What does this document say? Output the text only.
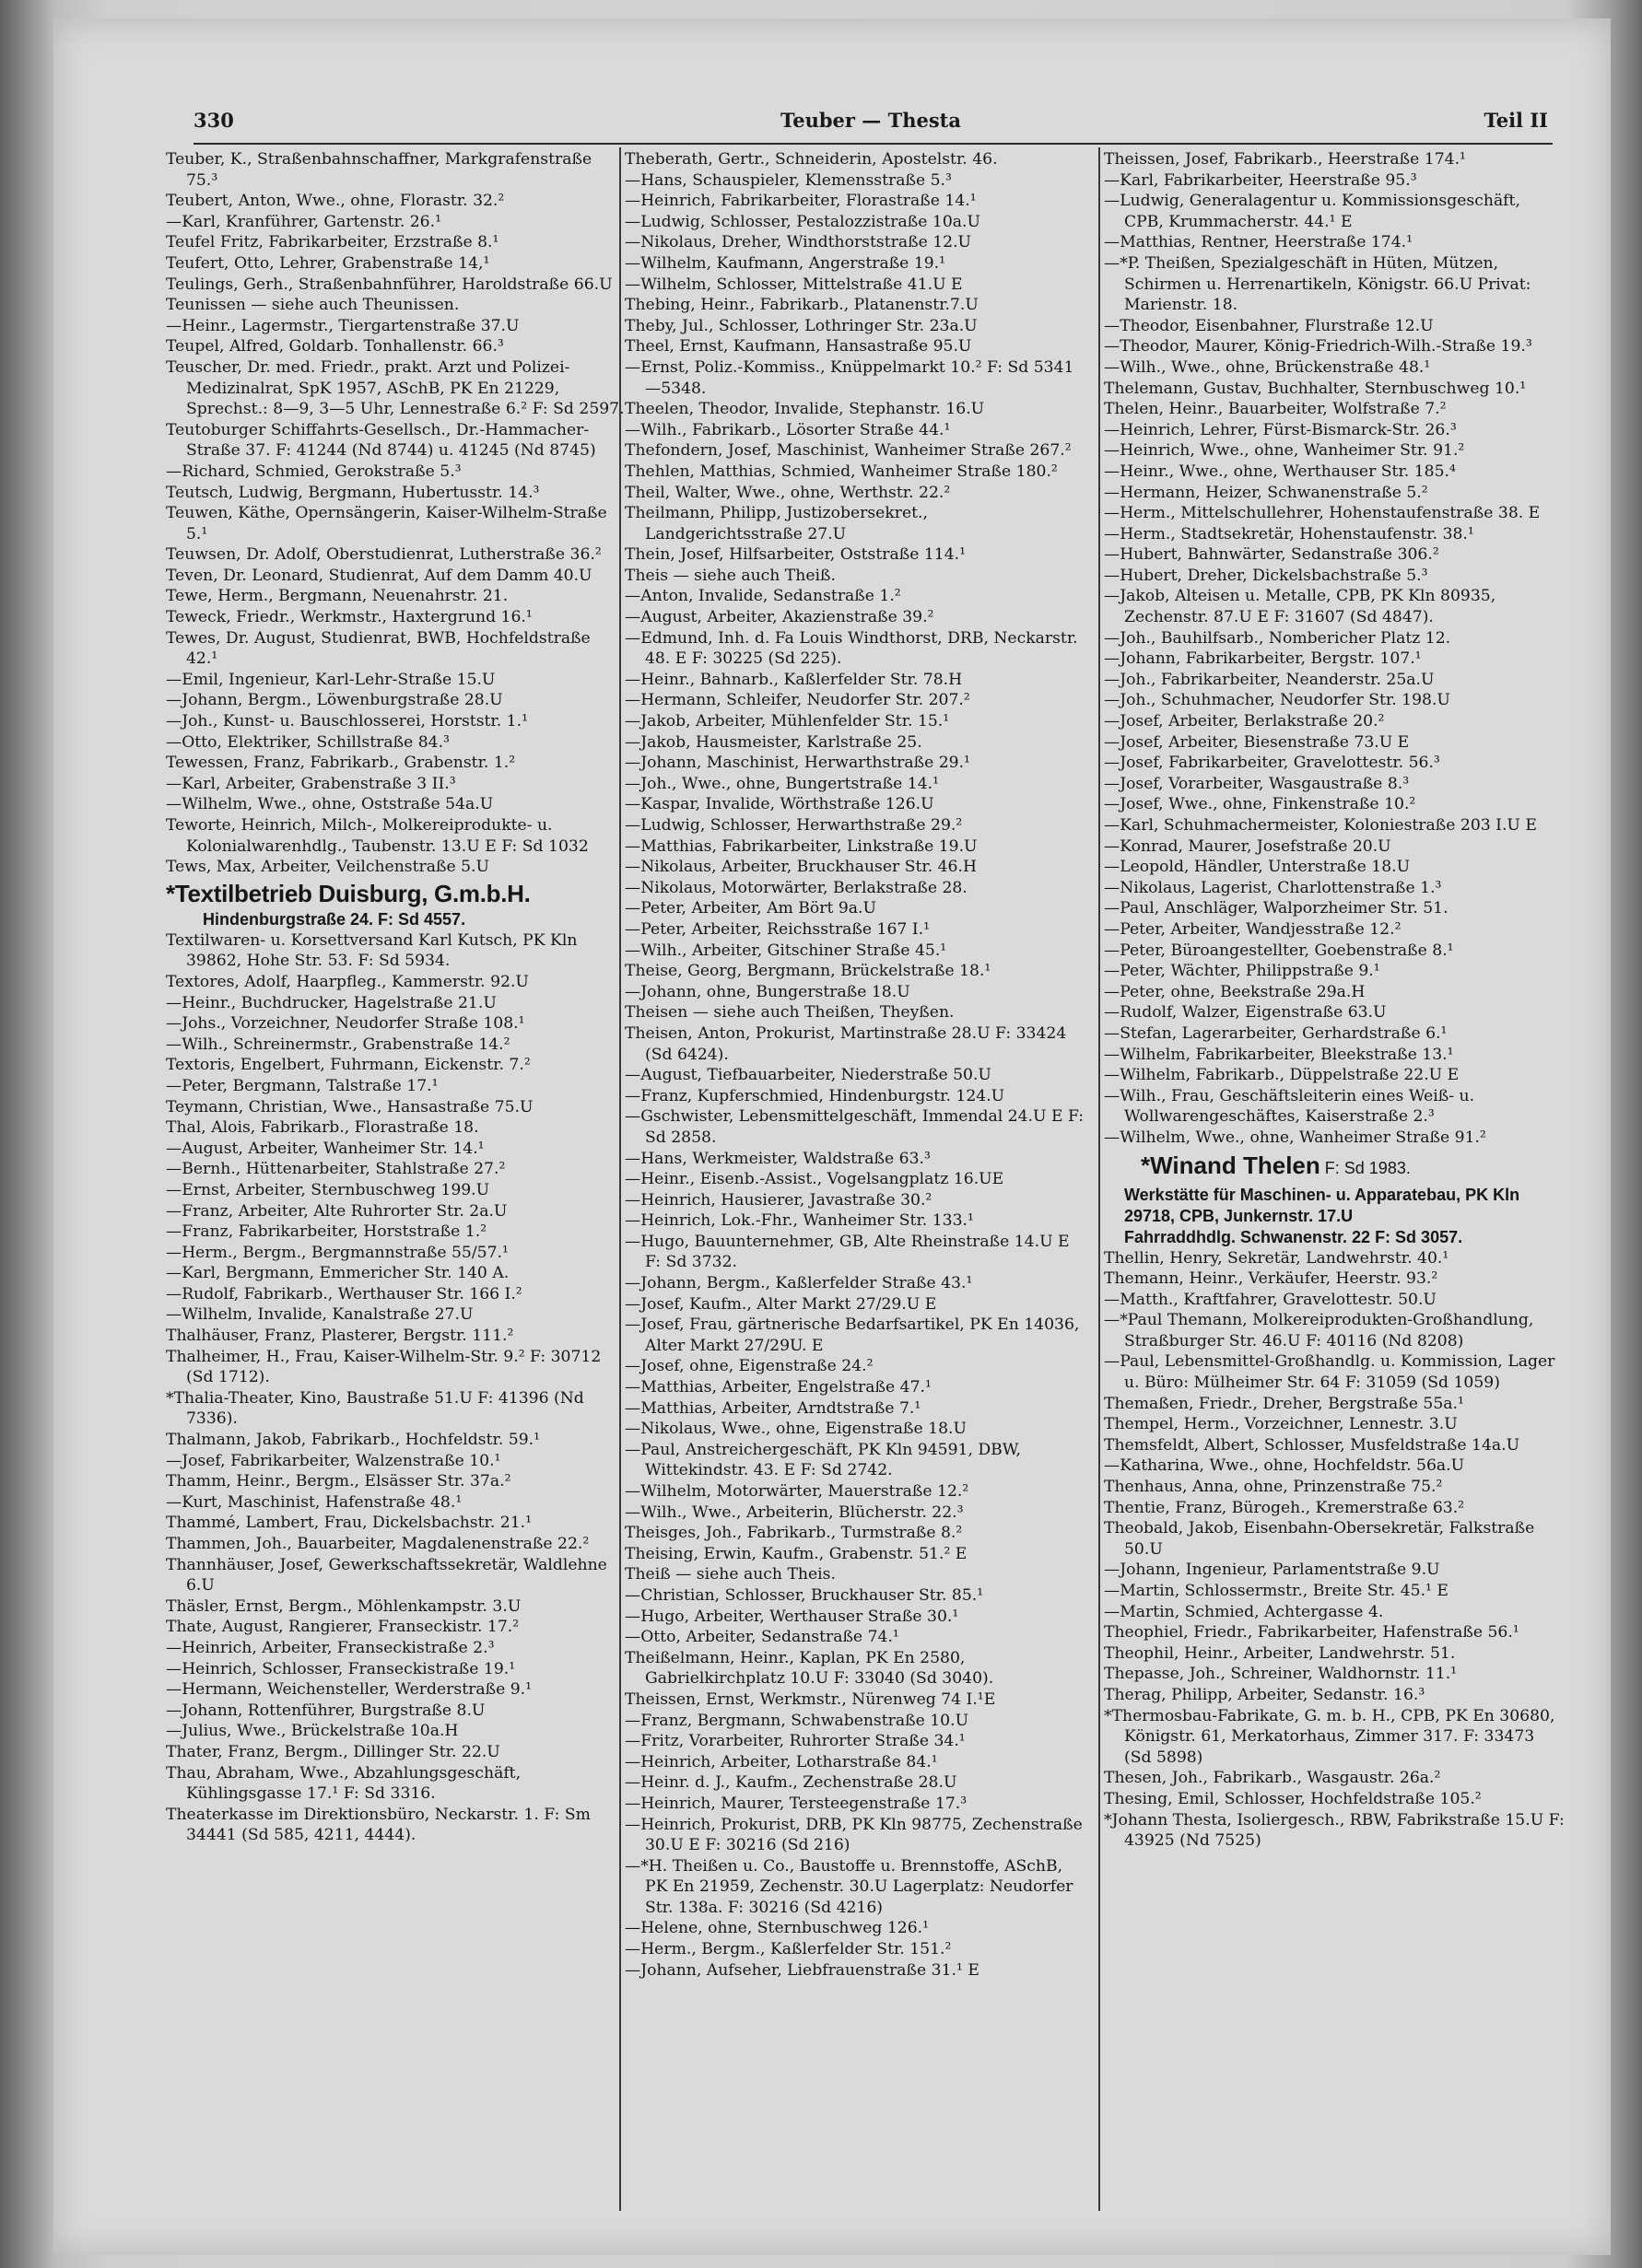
330	Teuber — Thesta	Teil II

Teuber, K., Straßenbahnschaffner, Markgrafenstraße 75.³

Teubert, Anton, Wwe., ohne, Florastr. 32.²

—Karl, Kranführer, Gartenstr. 26.¹

Teufel Fritz, Fabrikarbeiter, Erzstraße 8.¹

Teufert, Otto, Lehrer, Grabenstraße 14,¹

Teulings, Gerh., Straßenbahnführer, Haroldstraße 66.U

Teunissen — siehe auch Theunissen.

—Heinr., Lagermstr., Tiergartenstraße 37.U

Teupel, Alfred, Goldarb. Tonhallenstr. 66.³

Teuscher, Dr. med. Friedr., prakt. Arzt und Polizei-Medizinalrat, SpK 1957, ASchB, PK En 21229, Sprechst.: 8—9, 3—5 Uhr, Lennestraße 6.² F: Sd 2597.

Teutoburger Schiffahrts-Gesellsch., Dr.-Hammacher-Straße 37. F: 41244 (Nd 8744) u. 41245 (Nd 8745)

—Richard, Schmied, Gerokstraße 5.³

Teutsch, Ludwig, Bergmann, Hubertusstr. 14.³

Teuwen, Käthe, Opernsängerin, Kaiser-Wilhelm-Straße 5.¹

Teuwsen, Dr. Adolf, Oberstudienrat, Lutherstraße 36.²

Teven, Dr. Leonard, Studienrat, Auf dem Damm 40.U

Tewe, Herm., Bergmann, Neuenahrstr. 21.

Teweck, Friedr., Werkmstr., Haxtergrund 16.¹

Tewes, Dr. August, Studienrat, BWB, Hochfeldstraße 42.¹

—Emil, Ingenieur, Karl-Lehr-Straße 15.U

—Johann, Bergm., Löwenburgstraße 28.U

—Joh., Kunst- u. Bauschlosserei, Horststr. 1.¹

—Otto, Elektriker, Schillstraße 84.³

Tewessen, Franz, Fabrikarb., Grabenstr. 1.²

—Karl, Arbeiter, Grabenstraße 3 II.³

—Wilhelm, Wwe., ohne, Oststraße 54a.U

Teworte, Heinrich, Milch-, Molkereiprodukte- u. Kolonialwarenhdlg., Taubenstr. 13.U E F: Sd 1032

Tews, Max, Arbeiter, Veilchenstraße 5.U

*Textilbetrieb Duisburg, G.m.b.H.

Hindenburgstraße 24. F: Sd 4557.

Textilwaren- u. Korsettversand Karl Kutsch, PK Kln 39862, Hohe Str. 53. F: Sd 5934.

Textores, Adolf, Haarpfleg., Kammerstr. 92.U

—Heinr., Buchdrucker, Hagelstraße 21.U

—Johs., Vorzeichner, Neudorfer Straße 108.¹

—Wilh., Schreinermstr., Grabenstraße 14.²

Textoris, Engelbert, Fuhrmann, Eickenstr. 7.²

—Peter, Bergmann, Talstraße 17.¹

Teymann, Christian, Wwe., Hansastraße 75.U

Thal, Alois, Fabrikarb., Florastraße 18.

—August, Arbeiter, Wanheimer Str. 14.¹

—Bernh., Hüttenarbeiter, Stahlstraße 27.²

—Ernst, Arbeiter, Sternbuschweg 199.U

—Franz, Arbeiter, Alte Ruhrorter Str. 2a.U

—Franz, Fabrikarbeiter, Horststraße 1.²

—Herm., Bergm., Bergmannstraße 55/57.¹

—Karl, Bergmann, Emmericher Str. 140 A.

—Rudolf, Fabrikarb., Werthauser Str. 166 I.²

—Wilhelm, Invalide, Kanalstraße 27.U

Thalhäuser, Franz, Plasterer, Bergstr. 111.²

Thalheimer, H., Frau, Kaiser-Wilhelm-Str. 9.² F: 30712 (Sd 1712).

*Thalia-Theater, Kino, Baustraße 51.U F: 41396 (Nd 7336).

Thalmann, Jakob, Fabrikarb., Hochfeldstr. 59.¹

—Josef, Fabrikarbeiter, Walzenstraße 10.¹

Thamm, Heinr., Bergm., Elsässer Str. 37a.²

—Kurt, Maschinist, Hafenstraße 48.¹

Thammé, Lambert, Frau, Dickelsbachstr. 21.¹

Thammen, Joh., Bauarbeiter, Magdalenenstraße 22.²

Thannhäuser, Josef, Gewerkschaftssekretär, Waldlehne 6.U

Thäsler, Ernst, Bergm., Möhlenkampstr. 3.U

Thate, August, Rangierer, Franseckistr. 17.²

—Heinrich, Arbeiter, Franseckistraße 2.³

—Heinrich, Schlosser, Franseckistraße 19.¹

—Hermann, Weichensteller, Werderstraße 9.¹

—Johann, Rottenführer, Burgstraße 8.U

—Julius, Wwe., Brückelstraße 10a.H

Thater, Franz, Bergm., Dillinger Str. 22.U

Thau, Abraham, Wwe., Abzahlungsgeschäft, Kühlingsgasse 17.¹ F: Sd 3316.

Theaterkasse im Direktionsbüro, Neckarstr. 1. F: Sm 34441 (Sd 585, 4211, 4444).

Theberath, Gertr., Schneiderin, Apostelstr. 46.

—Hans, Schauspieler, Klemensstraße 5.³

—Heinrich, Fabrikarbeiter, Florastraße 14.¹

—Ludwig, Schlosser, Pestalozzistraße 10a.U

—Nikolaus, Dreher, Windthorststraße 12.U

—Wilhelm, Kaufmann, Angerstraße 19.¹

—Wilhelm, Schlosser, Mittelstraße 41.U E

Thebing, Heinr., Fabrikarb., Platanenstr.7.U

Theby, Jul., Schlosser, Lothringer Str. 23a.U

Theel, Ernst, Kaufmann, Hansastraße 95.U

—Ernst, Poliz.-Kommiss., Knüppelmarkt 10.² F: Sd 5341—5348.

Theelen, Theodor, Invalide, Stephanstr. 16.U

—Wilh., Fabrikarb., Lösorter Straße 44.¹

Thefondern, Josef, Maschinist, Wanheimer Straße 267.²

Thehlen, Matthias, Schmied, Wanheimer Straße 180.²

Theil, Walter, Wwe., ohne, Werthstr. 22.²

Theilmann, Philipp, Justizobersekret., Landgerichtsstraße 27.U

Thein, Josef, Hilfsarbeiter, Oststraße 114.¹

Theis — siehe auch Theiß.

—Anton, Invalide, Sedanstraße 1.²

—August, Arbeiter, Akazienstraße 39.²

—Edmund, Inh. d. Fa Louis Windthorst, DRB, Neckarstr. 48. E F: 30225 (Sd 225).

—Heinr., Bahnarb., Kaßlerfelder Str. 78.H

—Hermann, Schleifer, Neudorfer Str. 207.²

—Jakob, Arbeiter, Mühlenfelder Str. 15.¹

—Jakob, Hausmeister, Karlstraße 25.

—Johann, Maschinist, Herwarthstraße 29.¹

—Joh., Wwe., ohne, Bungertstraße 14.¹

—Kaspar, Invalide, Wörthstraße 126.U

—Ludwig, Schlosser, Herwarthstraße 29.²

—Matthias, Fabrikarbeiter, Linkstraße 19.U

—Nikolaus, Arbeiter, Bruckhauser Str. 46.H

—Nikolaus, Motorwärter, Berlakstraße 28.

—Peter, Arbeiter, Am Bört 9a.U

—Peter, Arbeiter, Reichsstraße 167 I.¹

—Wilh., Arbeiter, Gitschiner Straße 45.¹

Theise, Georg, Bergmann, Brückelstraße 18.¹

—Johann, ohne, Bungerstraße 18.U

Theisen — siehe auch Theißen, Theyßen.

Theisen, Anton, Prokurist, Martinstraße 28.U F: 33424 (Sd 6424).

—August, Tiefbauarbeiter, Niederstraße 50.U

—Franz, Kupferschmied, Hindenburgstr. 124.U

—Gschwister, Lebensmittelgeschäft, Immendal 24.U E F: Sd 2858.

—Hans, Werkmeister, Waldstraße 63.³

—Heinr., Eisenb.-Assist., Vogelsangplatz 16.UE

—Heinrich, Hausierer, Javastraße 30.²

—Heinrich, Lok.-Fhr., Wanheimer Str. 133.¹

—Hugo, Bauunternehmer, GB, Alte Rheinstraße 14.U E F: Sd 3732.

—Johann, Bergm., Kaßlerfelder Straße 43.¹

—Josef, Kaufm., Alter Markt 27/29.U E

—Josef, Frau, gärtnerische Bedarfsartikel, PK En 14036, Alter Markt 27/29U. E

—Josef, ohne, Eigenstraße 24.²

—Matthias, Arbeiter, Engelstraße 47.¹

—Matthias, Arbeiter, Arndtstraße 7.¹

—Nikolaus, Wwe., ohne, Eigenstraße 18.U

—Paul, Anstreichergeschäft, PK Kln 94591, DBW, Wittekindstr. 43. E F: Sd 2742.

—Wilhelm, Motorwärter, Mauerstraße 12.²

—Wilh., Wwe., Arbeiterin, Blücherstr. 22.³

Theisges, Joh., Fabrikarb., Turmstraße 8.²

Theising, Erwin, Kaufm., Grabenstr. 51.² E

Theiß — siehe auch Theis.

—Christian, Schlosser, Bruckhauser Str. 85.¹

—Hugo, Arbeiter, Werthauser Straße 30.¹

—Otto, Arbeiter, Sedanstraße 74.¹

Theißelmann, Heinr., Kaplan, PK En 2580, Gabrielkirchplatz 10.U F: 33040 (Sd 3040).

Theissen, Ernst, Werkmstr., Nürenweg 74 I.¹E

—Franz, Bergmann, Schwabenstraße 10.U

—Fritz, Vorarbeiter, Ruhrorter Straße 34.¹

—Heinrich, Arbeiter, Lotharstraße 84.¹

—Heinr. d. J., Kaufm., Zechenstraße 28.U

—Heinrich, Maurer, Tersteegenstraße 17.³

—Heinrich, Prokurist, DRB, PK Kln 98775, Zechenstraße 30.U E F: 30216 (Sd 216)

—*H. Theißen u. Co., Baustoffe u. Brennstoffe, ASchB, PK En 21959, Zechenstr. 30.U Lagerplatz: Neudorfer Str. 138a. F: 30216 (Sd 4216)

—Helene, ohne, Sternbuschweg 126.¹

—Herm., Bergm., Kaßlerfelder Str. 151.²

—Johann, Aufseher, Liebfrauenstraße 31.¹ E

Theissen, Josef, Fabrikarb., Heerstraße 174.¹

—Karl, Fabrikarbeiter, Heerstraße 95.³

—Ludwig, Generalagentur u. Kommissionsgeschäft, CPB, Krummacherstr. 44.¹ E

—Matthias, Rentner, Heerstraße 174.¹

—*P. Theißen, Spezialgeschäft in Hüten, Mützen, Schirmen u. Herrenartikeln, Königstr. 66.U Privat: Marienstr. 18.

—Theodor, Eisenbahner, Flurstraße 12.U

—Theodor, Maurer, König-Friedrich-Wilh.-Straße 19.³

—Wilh., Wwe., ohne, Brückenstraße 48.¹

Thelemann, Gustav, Buchhalter, Sternbuschweg 10.¹

Thelen, Heinr., Bauarbeiter, Wolfstraße 7.²

—Heinrich, Lehrer, Fürst-Bismarck-Str. 26.³

—Heinrich, Wwe., ohne, Wanheimer Str. 91.²

—Heinr., Wwe., ohne, Werthauser Str. 185.⁴

—Hermann, Heizer, Schwanenstraße 5.²

—Herm., Mittelschullehrer, Hohenstaufenstraße 38. E

—Herm., Stadtsekretär, Hohenstaufenstr. 38.¹

—Hubert, Bahnwärter, Sedanstraße 306.²

—Hubert, Dreher, Dickelsbachstraße 5.³

—Jakob, Alteisen u. Metalle, CPB, PK Kln 80935, Zechenstr. 87.U E F: 31607 (Sd 4847).

—Joh., Bauhilfsarb., Nombericher Platz 12.

—Johann, Fabrikarbeiter, Bergstr. 107.¹

—Joh., Fabrikarbeiter, Neanderstr. 25a.U

—Joh., Schuhmacher, Neudorfer Str. 198.U

—Josef, Arbeiter, Berlakstraße 20.²

—Josef, Arbeiter, Biesenstraße 73.U E

—Josef, Fabrikarbeiter, Gravelottestr. 56.³

—Josef, Vorarbeiter, Wasgaustraße 8.³

—Josef, Wwe., ohne, Finkenstraße 10.²

—Karl, Schuhmachermeister, Koloniestraße 203 I.U E

—Konrad, Maurer, Josefstraße 20.U

—Leopold, Händler, Unterstraße 18.U

—Nikolaus, Lagerist, Charlottenstraße 1.³

—Paul, Anschläger, Walporzheimer Str. 51.

—Peter, Arbeiter, Wandjesstraße 12.²

—Peter, Büroangestellter, Goebenstraße 8.¹

—Peter, Wächter, Philippstraße 9.¹

—Peter, ohne, Beekstraße 29a.H

—Rudolf, Walzer, Eigenstraße 63.U

—Stefan, Lagerarbeiter, Gerhardstraße 6.¹

—Wilhelm, Fabrikarbeiter, Bleekstraße 13.¹

—Wilhelm, Fabrikarb., Düppelstraße 22.U E

—Wilh., Frau, Geschäftsleiterin eines Weiß- u. Wollwarengeschäftes, Kaiserstraße 2.³

—Wilhelm, Wwe., ohne, Wanheimer Straße 91.²

*Winand Thelen F: Sd 1983.

Werkstätte für Maschinen- u. Apparatebau, PK Kln 29718, CPB, Junkernstr. 17.U

Fahrraddhdlg. Schwanenstr. 22 F: Sd 3057.

Thellin, Henry, Sekretär, Landwehrstr. 40.¹

Themann, Heinr., Verkäufer, Heerstr. 93.²

—Matth., Kraftfahrer, Gravelottestr. 50.U

—*Paul Themann, Molkereiprodukten-Großhandlung, Straßburger Str. 46.U F: 40116 (Nd 8208)

—Paul, Lebensmittel-Großhandlg. u. Kommission, Lager u. Büro: Mülheimer Str. 64 F: 31059 (Sd 1059)

Themaßen, Friedr., Dreher, Bergstraße 55a.¹

Thempel, Herm., Vorzeichner, Lennestr. 3.U

Themsfeldt, Albert, Schlosser, Musfeldstraße 14a.U

—Katharina, Wwe., ohne, Hochfeldstr. 56a.U

Thenhaus, Anna, ohne, Prinzenstraße 75.²

Thentie, Franz, Bürogeh., Kremerstraße 63.²

Theobald, Jakob, Eisenbahn-Obersekretär, Falkstraße 50.U

—Johann, Ingenieur, Parlamentstraße 9.U

—Martin, Schlossermstr., Breite Str. 45.¹ E

—Martin, Schmied, Achtergasse 4.

Theophiel, Friedr., Fabrikarbeiter, Hafenstraße 56.¹

Theophil, Heinr., Arbeiter, Landwehrstr. 51.

Thepasse, Joh., Schreiner, Waldhornstr. 11.¹

Therag, Philipp, Arbeiter, Sedanstr. 16.³

*Thermosbau-Fabrikate, G. m. b. H., CPB, PK En 30680, Königstr. 61, Merkatorhaus, Zimmer 317. F: 33473 (Sd 5898)

Thesen, Joh., Fabrikarb., Wasgaustr. 26a.²

Thesing, Emil, Schlosser, Hochfeldstraße 105.²

*Johann Thesta, Isoliergesch., RBW, Fabrikstraße 15.U F: 43925 (Nd 7525)
